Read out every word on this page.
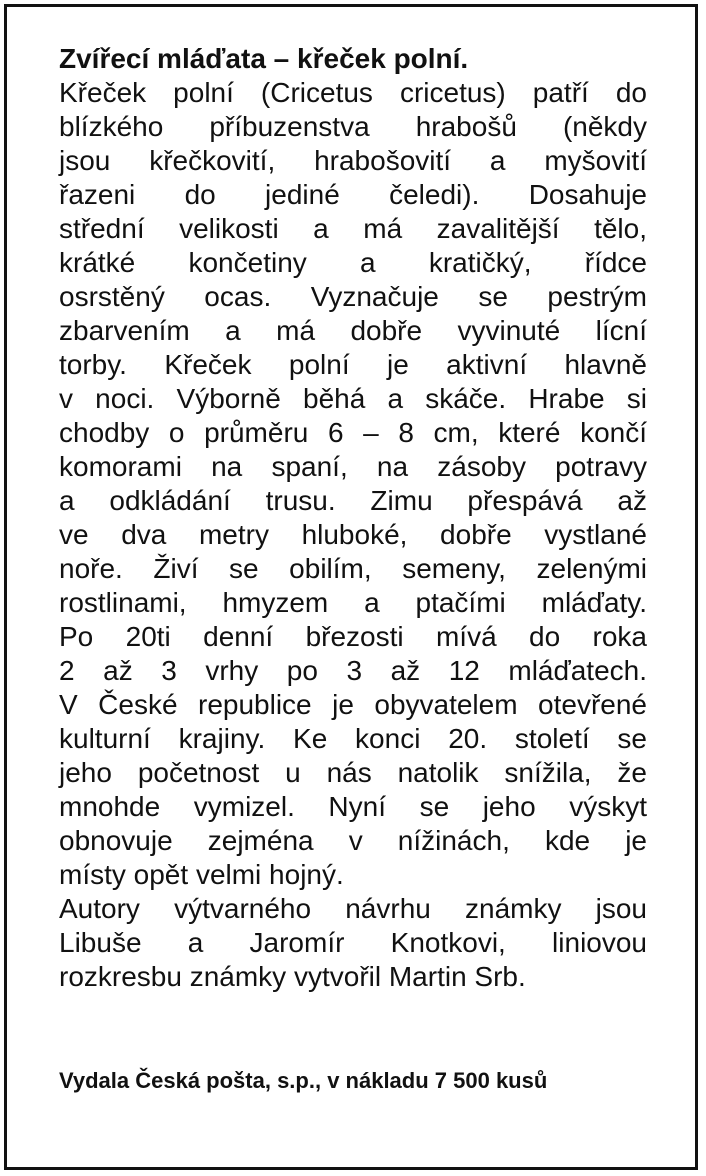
Zvířecí mláďata – křeček polní.
Křeček polní (Cricetus cricetus) patří do
blízkého příbuzenstva hrabošů (někdy
jsou křečkovití, hrabošovití a myšovití
řazeni do jediné čeledi). Dosahuje
střední velikosti a má zavalitější tělo,
krátké končetiny a kratičký, řídce
osrstěný ocas. Vyznačuje se pestrým
zbarvením a má dobře vyvinuté lícní
torby. Křeček polní je aktivní hlavně
v noci. Výborně běhá a skáče. Hrabe si
chodby o průměru 6 – 8 cm, které končí
komorami na spaní, na zásoby potravy
a odkládání trusu. Zimu přespává až
ve dva metry hluboké, dobře vystlané
noře. Živí se obilím, semeny, zelenými
rostlinami, hmyzem a ptačími mláďaty.
Po 20ti denní březosti mívá do roka
2 až 3 vrhy po 3 až 12 mláďatech.
V České republice je obyvatelem otevřené
kulturní krajiny. Ke konci 20. století se
jeho početnost u nás natolik snížila, že
mnohde vymizel. Nyní se jeho výskyt
obnovuje zejména v nížinách, kde je
místy opět velmi hojný.
Autory výtvarného návrhu známky jsou
Libuše a Jaromír Knotkovi, liniovou
rozkresbu známky vytvořil Martin Srb.
Vydala Česká pošta, s.p., v nákladu 7 500 kusů
